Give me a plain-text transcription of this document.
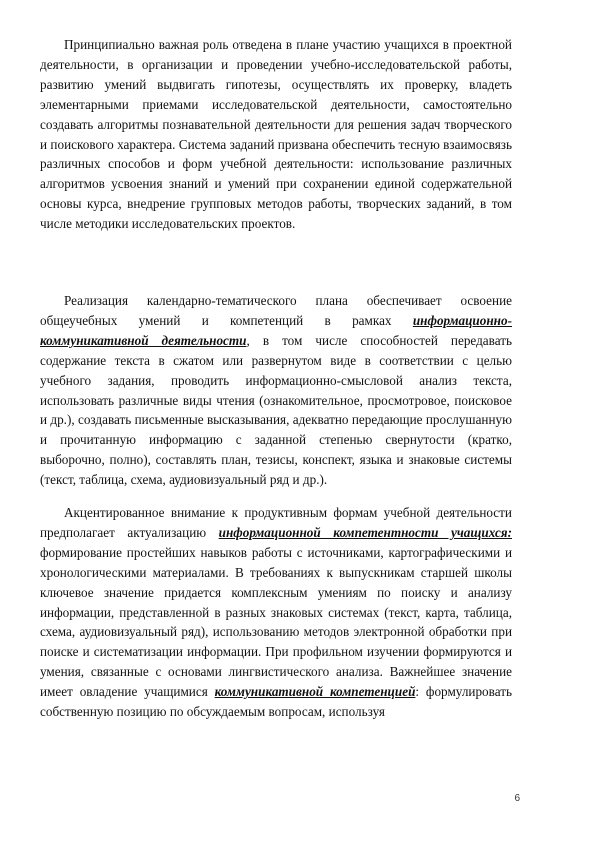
Принципиально важная роль отведена в плане участию учащихся в проектной деятельности, в организации и проведении учебно-исследовательской работы, развитию умений выдвигать гипотезы, осуществлять их проверку, владеть элементарными приемами исследовательской деятельности, самостоятельно создавать алгоритмы познавательной деятельности для решения задач творческого и поискового характера. Система заданий призвана обеспечить тесную взаимосвязь различных способов и форм учебной деятельности: использование различных алгоритмов усвоения знаний и умений при сохранении единой содержательной основы курса, внедрение групповых методов работы, творческих заданий, в том числе методики исследовательских проектов.

Реализация календарно-тематического плана обеспечивает освоение общеучебных умений и компетенций в рамках информационно-коммуникативной деятельности, в том числе способностей передавать содержание текста в сжатом или развернутом виде в соответствии с целью учебного задания, проводить информационно-смысловой анализ текста, использовать различные виды чтения (ознакомительное, просмотровое, поисковое и др.), создавать письменные высказывания, адекватно передающие прослушанную и прочитанную информацию с заданной степенью свернутости (кратко, выборочно, полно), составлять план, тезисы, конспект, языка и знаковые системы (текст, таблица, схема, аудиовизуальный ряд и др.).

Акцентированное внимание к продуктивным формам учебной деятельности предполагает актуализацию информационной компетентности учащихся: формирование простейших навыков работы с источниками, картографическими и хронологическими материалами. В требованиях к выпускникам старшей школы ключевое значение придается комплексным умениям по поиску и анализу информации, представленной в разных знаковых системах (текст, карта, таблица, схема, аудиовизуальный ряд), использованию методов электронной обработки при поиске и систематизации информации. При профильном изучении формируются и умения, связанные с основами лингвистического анализа. Важнейшее значение имеет овладение учащимися коммуникативной компетенцией: формулировать собственную позицию по обсуждаемым вопросам, используя

6
